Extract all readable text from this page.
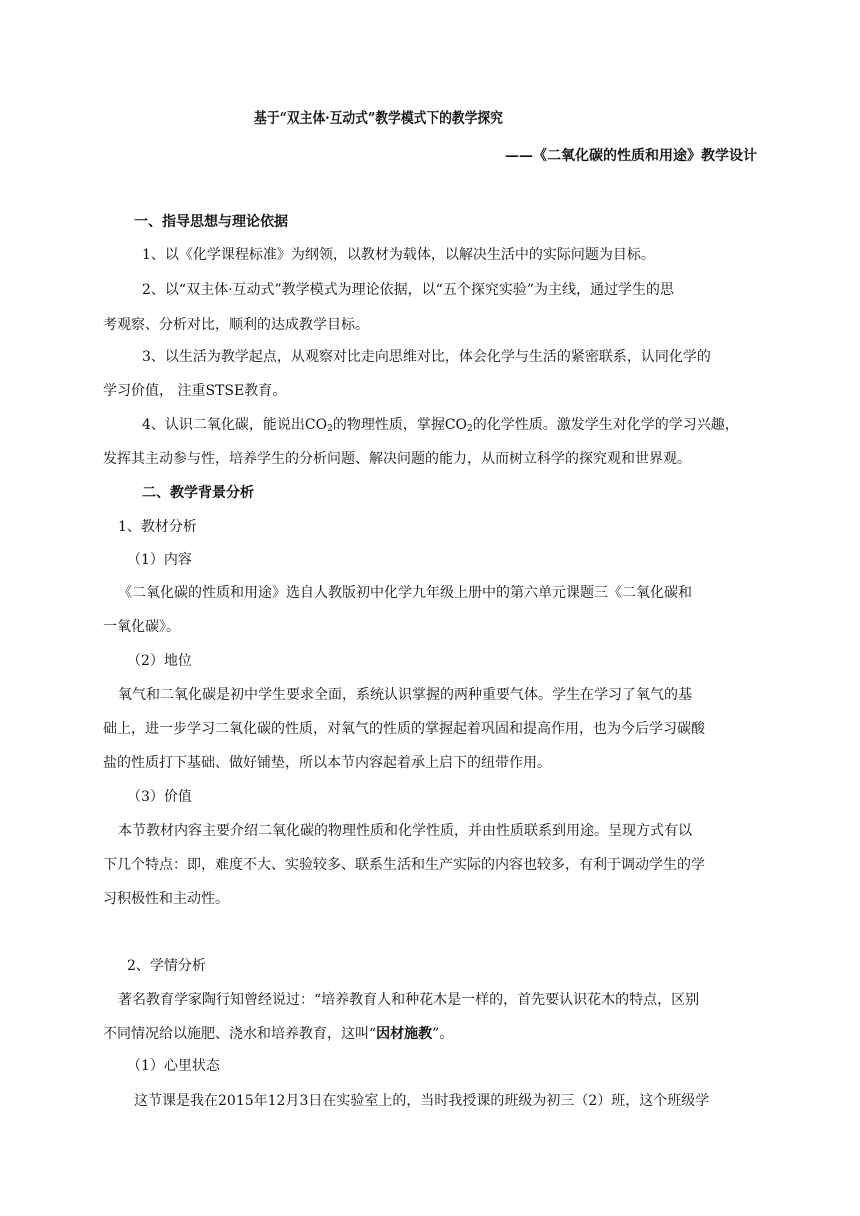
基于“双主体·互动式”教学模式下的教学探究
——《二氧化碳的性质和用途》教学设计
一、指导思想与理论依据
1、以《化学课程标准》为纲领，以教材为载体，以解决生活中的实际问题为目标。
2、以“双主体·互动式”教学模式为理论依据，以“五个探究实验”为主线，通过学生的思
考观察、分析对比，顺利的达成教学目标。
3、以生活为教学起点，从观察对比走向思维对比，体会化学与生活的紧密联系，认同化学的
学习价值， 注重STSE教育。
4、认识二氧化碳，能说出$CO_2$的物理性质，掌握$CO_2$的化学性质。激发学生对化学的学习兴趣，
发挥其主动参与性，培养学生的分析问题、解决问题的能力，从而树立科学的探究观和世界观。
二、教学背景分析
1、教材分析
（1）内容
《二氧化碳的性质和用途》选自人教版初中化学九年级上册中的第六单元课题三《二氧化碳和
一氧化碳》。
（2）地位
氧气和二氧化碳是初中学生要求全面，系统认识掌握的两种重要气体。学生在学习了氧气的基
础上，进一步学习二氧化碳的性质，对氧气的性质的掌握起着巩固和提高作用，也为今后学习碳酸
盐的性质打下基础、做好铺垫，所以本节内容起着承上启下的纽带作用。
（3）价值
本节教材内容主要介绍二氧化碳的物理性质和化学性质，并由性质联系到用途。呈现方式有以
下几个特点：即，难度不大、实验较多、联系生活和生产实际的内容也较多，有利于调动学生的学
习积极性和主动性。
2、学情分析
著名教育学家陶行知曾经说过：“培养教育人和种花木是一样的，首先要认识花木的特点，区别
不同情况给以施肥、浇水和培养教育，这叫“因材施教”。
（1）心里状态
这节课是我在2015年12月3日在实验室上的，当时我授课的班级为初三（2）班，这个班级学
